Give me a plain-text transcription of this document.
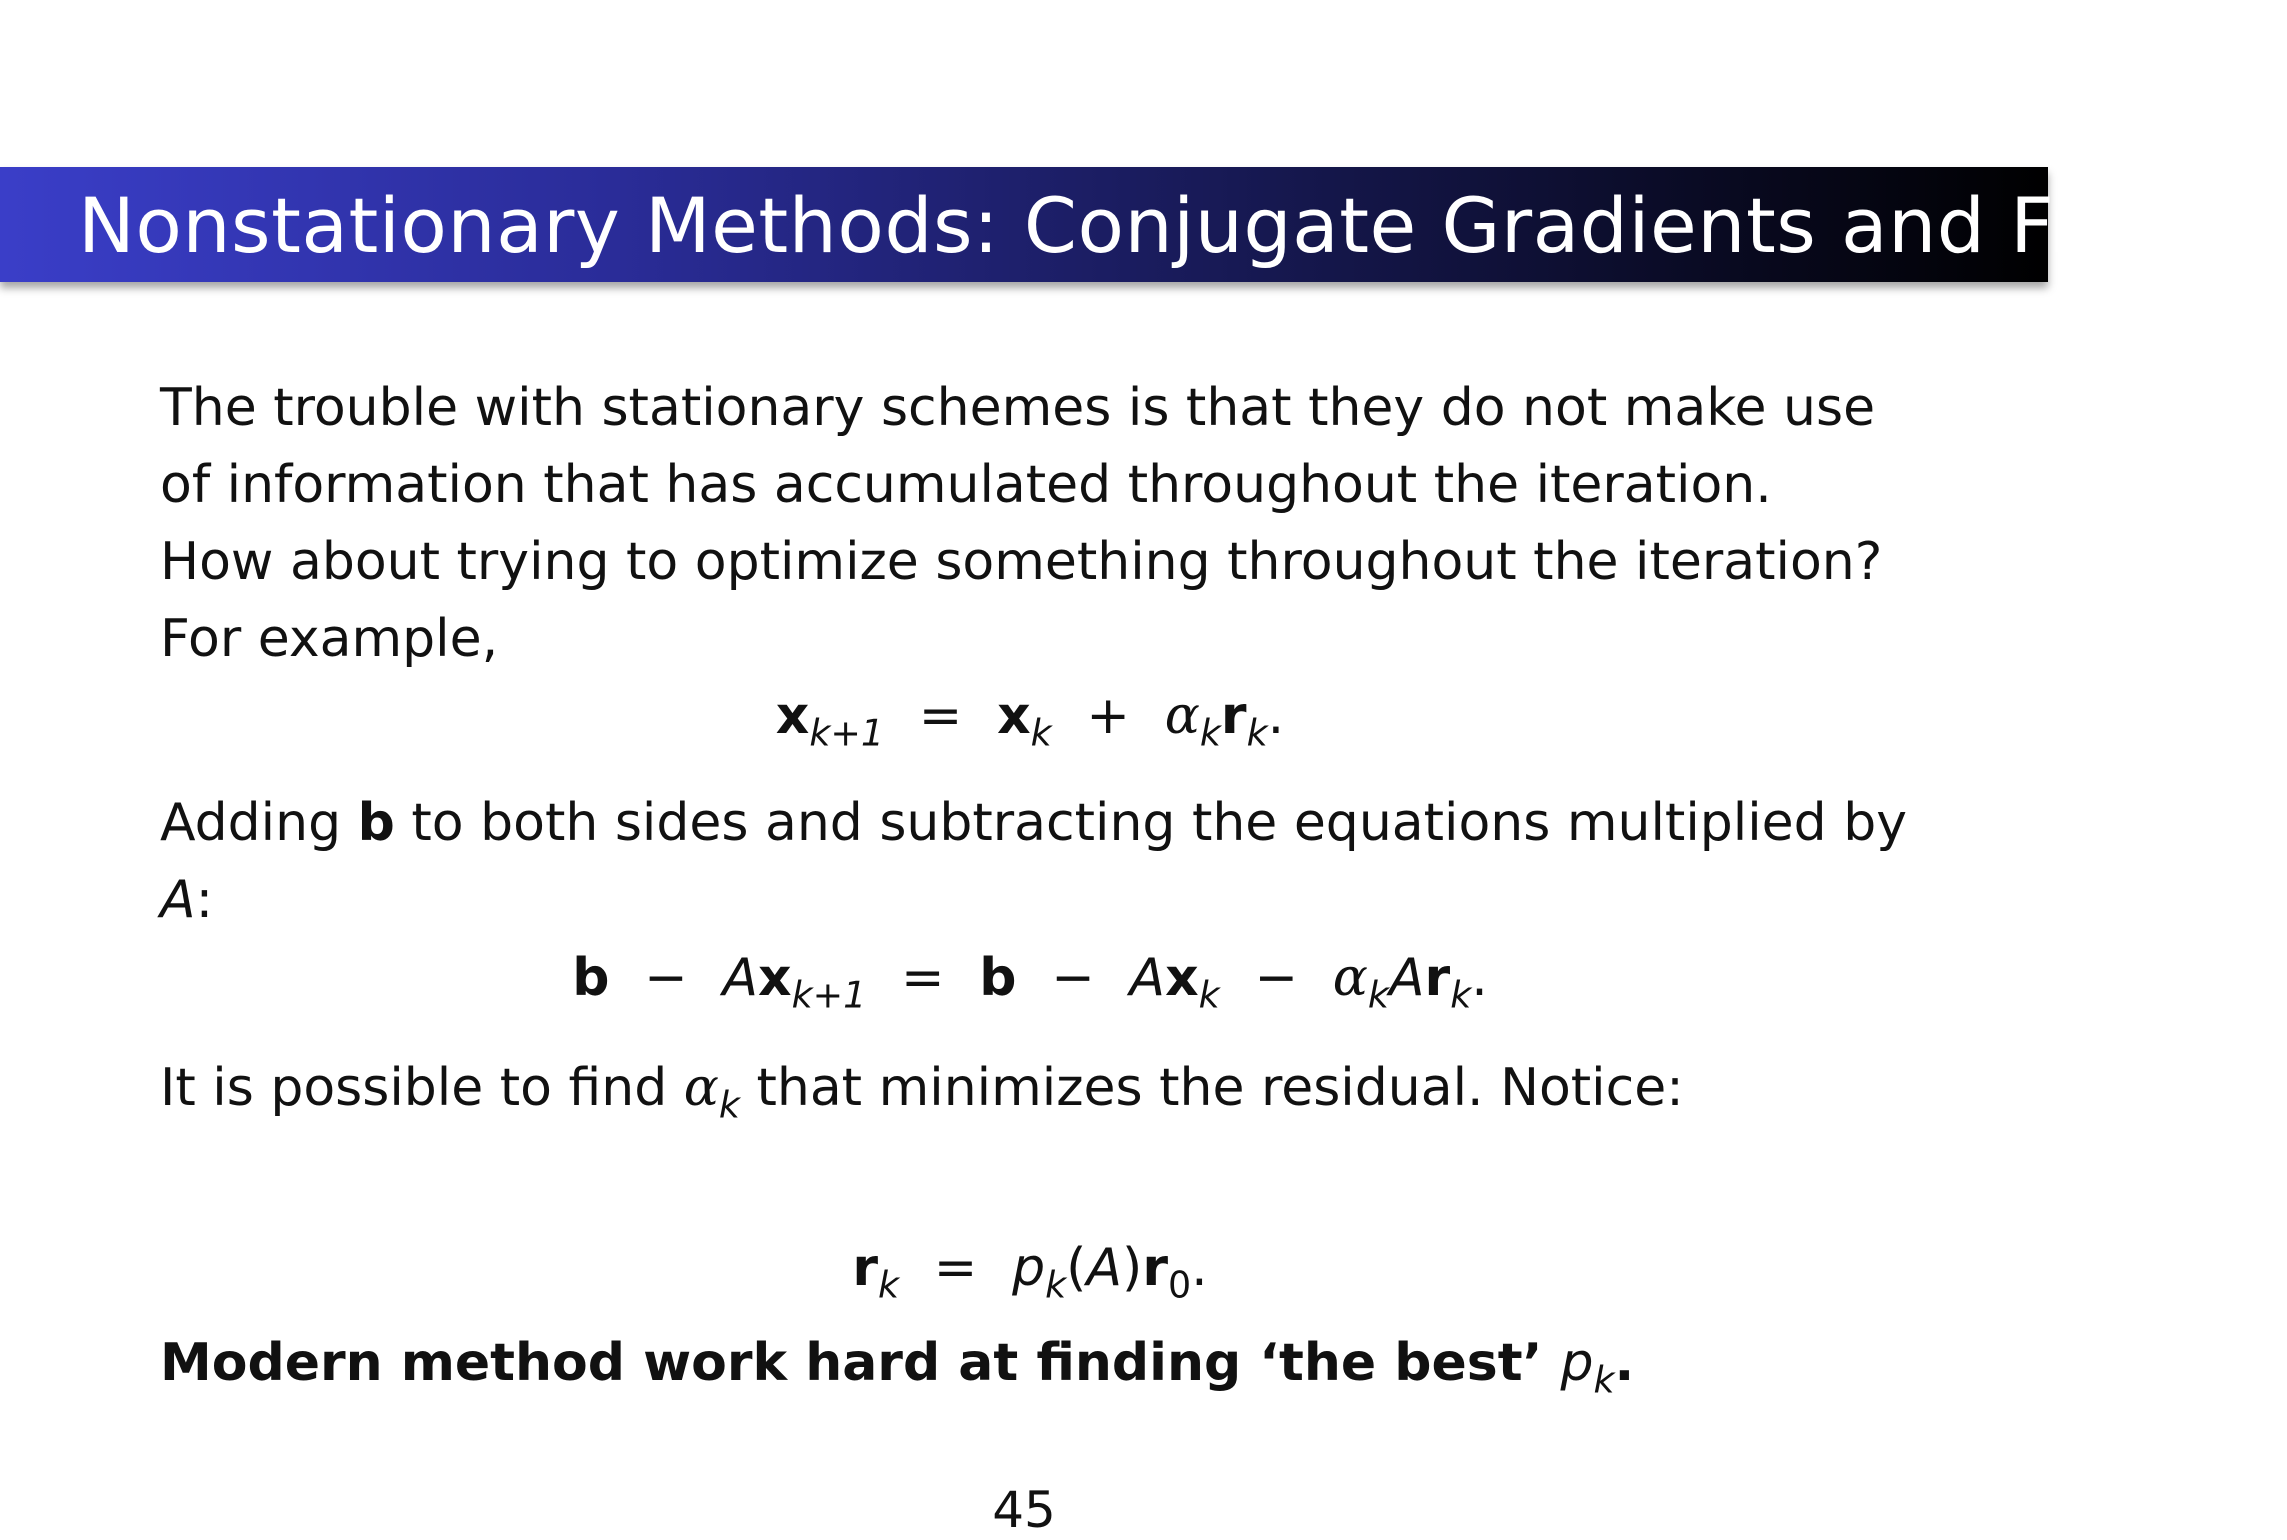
Nonstationary Methods: Conjugate Gradients and Friends
The trouble with stationary schemes is that they do not make use
of information that has accumulated throughout the iteration.
How about trying to optimize something throughout the iteration?
For example,
$x_{k+1} = x_k + \alpha_kr_k$.
Adding b to both sides and subtracting the equations multiplied by
A:
$b - Ax_{k+1} = b - Ax_k - \alpha_kAr_k$.
It is possible to find $\alpha_k$ that minimizes the residual. Notice:
$r_k = p_k(A)r_0$.
Modern method work hard at finding ‘the best’ $p_k$.
45
